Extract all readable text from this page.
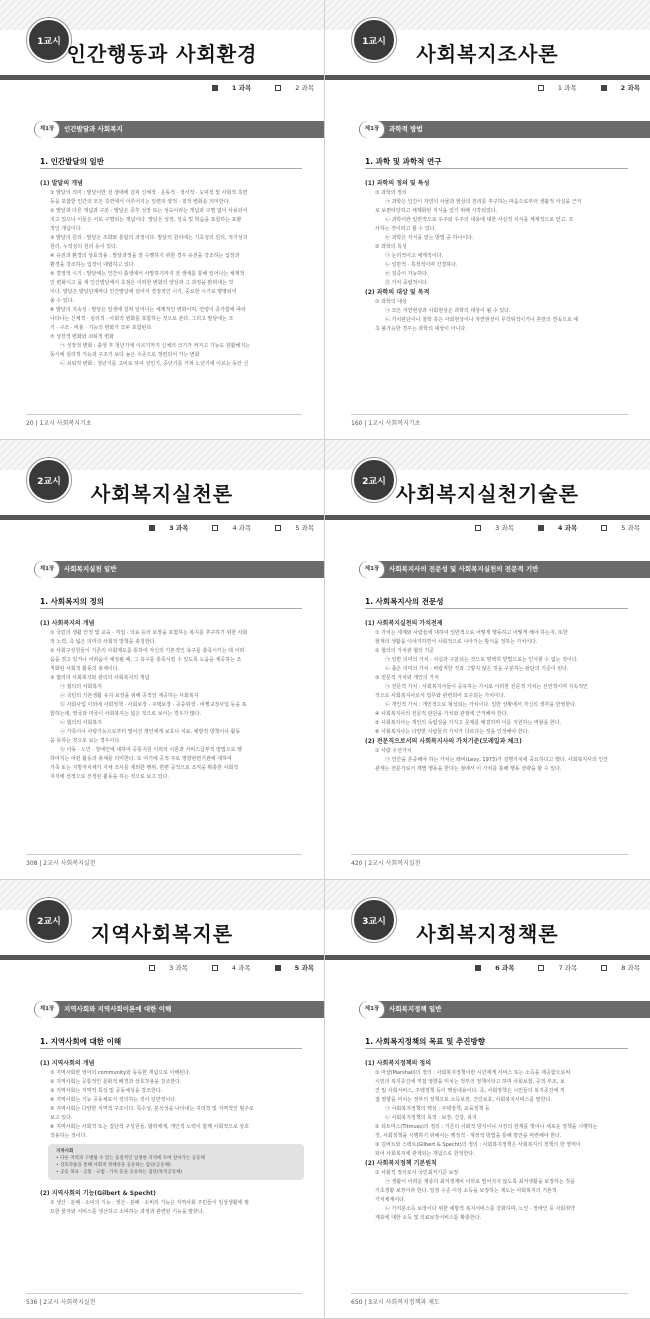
1교시 인간행동과 사회환경
1 과목	2 과목
제1장	인간발달과 사회복지
1. 인간발달의 일반
(1) 발달의 개념
① 발달의 의미 : 발달이란 전 생애에 걸쳐 신체적 · 운동적 · 정서적 · 도덕적 및 사회적 측면
등을 포함한 인간의 모든 측면에서 이루어지는 일련의 양적 · 질적 변화를 의미한다.
② 발달과 다른 개념과 구분 : 발달은 증후 성장 또는 성숙이라는 개념과 구별 없이 사용되어
지고 있으나 이들은 서로 구별되는 개념이다. 발달은 성장, 성숙 및 학습을 포함하는 포괄
적인 개념이다.
③ 발달의 원리 : 발달은 조화와 통합의 과정이다. 발달의 원리에는 기초성의 원리, 적기성의
원리, 누적성의 원리 등이 있다.
④ 유전과 환경의 상호작용 : 발달과정을 잘 수행하기 위한 경우 유전을 강조하는 입장과
환경을 강조하는 입장이 대립하고 있다.
⑤ 결정적 시기 : 발달에는 인간이 출생에서 사망하기까지 전 생애를 통해 일어나는 체계적
인 변화이고 몸 세 인간발달에서 초점은 이러한 변화의 양상과 그 과정을 밝혀내는 것
이다. 발달은 발달단계마다 인간발달에 있어서 결정적인 시기, 중요한 시기로 명명되어
올 수 있다.
⑥ 발달의 지속성 : 발달은 일생에 걸쳐 일어나는 체계적인 변화이며, 연령이 증가함에 따라
나타나는 신체적 · 심리적 · 사회적 변화를 포함하는 것으로 본다. 그리고 발달에는 크
기 · 구조 · 비율 · 기능의 변화가 모두 포함된다.
⑦ 성장적 변화와 쇠퇴적 변화
㉠ 성장적 변화 : 출생 후 청년기에 이르기까지 신체의 크기가 커지고 기능도 원활해지는
동시에 심리적 기능과 구조가 보다 높은 수준으로 정련되어 가는 변화
㉡ 쇠퇴적 변화 : 청년기를 고비로 하여 성인기, 중년기를 거쳐 노년기에 이르는 동안 신
20 | 1교시 사회복지기초
1교시	사회복지조사론
1 과목	2 과목
제1장	과학적 방법
1. 과학 및 과학적 연구
(1) 과학의 정의 및 특성
① 과학의 정의
㉠ 과학은 인간이 자연의 사물과 현상의 원리를 추구하는 마음으로부터 생활적 사실을 근거
로 보편타당하고 체계화된 지식을 얻기 위해 시작되었다.
㉡ 과학이란 일반적으로 우주와 우주의 내용에 대한 사실적 지식을 체계적으로 얻고, 조
사하는 것이라고 할 수 있다.
㉢ 과학은 지식을 얻는 방법 중 하나이다.
② 과학의 특성
㉠ 논리적이고 체계적이다.
㉡ 일반적 · 특정적이며 간결하다.
㉢ 검증이 가능하다.
㉣ 가치 중립적이다.
(2) 과학의 대상 및 목적
① 과학의 대상
㉠ 모든 자연현상과 사회현상은 과학의 대상이 될 수 있다.
㉡ 가치판단이나 철학 혹은 사회현상이나 자연현상이 무작위적이거나 혼란의 연속으로 예
측 불가능한 경우는 과학의 대상이 아니다.
160 | 1교시 사회복지기초
2교시	사회복지실천론
3 과목	4 과목	5 과목
제1장	사회복지실천 일반
1. 사회복지의 정의
(1) 사회복지의 개념
① 국민의 생활 안정 및 교육 · 직업 · 의료 등의 보장을 포함하는 복지를 추구하기 위한 사회
적 노력, 즉 넓은 의미의 사회적 방책을 총칭한다.
② 사회구성원들이 기존의 사회제도를 통하여 자신의 기본적인 욕구를 충족시키는 데 어려
움을 겪고 있거나 어려움이 예상될 때, 그 욕구를 충족시킬 수 있도록 도움을 제공하는 조
직화된 사회적 활동의 총체이다.
③ 협의의 사회복지와 광의의 사회복지의 개념
㉠ 협의의 사회복지
ⓐ 국민의 기본생활 유지·보장을 위해 공적인 제공하는 사회복지
ⓑ 사회사업 이외에 사회정책 · 사회보장 · 주택보장 · 공중위생 · 비행교정사업 등을 포
함하는데, 영국과 미국이 사회복지는 넓은 것으로 보이는 경우가 많다.
㉡ 협의의 사회복지
ⓐ 가족이나 사랑가능으로부터 멀어진 개인에게 보호나 치료, 예방적 방책이나 활동
을 뜻하는 것으로 보는 경우이다.
ⓑ 아동 · 노인 · 장애인에 대하여 공통지원 이외의 이론과 서비스급부적 방법으로 행
하여지는 어떤 활동의 총체를 의미한다. 또 여기에 공적 주로 영향관련기관에 대하여
가족 또는 지방자치체가 자체 조사를 제외한 행위. 한편 공적으로 조직을 확충한 사회적
지식에 선정으로 선정된 활동을 하는 것으로 보고 있다.
308 | 2교시 사회복지실천
2교시 사회복지실천기술론
3 과목	4 과목	5 과목
제1장	사회복지사의 전문성 및 사회복지실천의 전문적 기반
1. 사회복지사의 전문성
(1) 사회복지실천의 가치전제
① 가치는 세계와 사람들에 대하여 일반적으로 어떻게 행동하고 어떻게 해야 하는지, 또한
현재의 생활을 이야기하면서 사회적으로 나아가는 방식을 정하는 가치이다.
② 협의의 가치관 협의 기준
㉠ 일반 의미의 가치 : 사실과 구분되는 것으로 명백히 방법으로는 인식할 수 없는 것이다.
㉡ 좁은 의미의 가치 : 바람직한 것과 그렇지 않은 것을 구분하는 판단의 기준이 된다.
③ 전문적 가치와 개인의 가치
㉠ 전문적 가치 : 사회복지사들이 공유하는 가치로 이러한 전문적 가치는 선언적이며 지속적인
것으로 사회복지사로서 업무와 관련되어 요구되는 가치이다.
㉡ 개인적 가치 : 개인적으로 형성되는 가치이다. 일반 상황에서 자신의 생각을 반영한다.
④ 사회복지사의 전문적 판단을 가치와 관점에 근거해야 한다.
⑤ 사회복지사는 개인의 독립성을 가지고 문제를 해결하며 이를 지원하는 역할을 한다.
⑥ 사회복지사는 다양한 사람들의 가치가 다르다는 것을 인정해야 한다.
(2) 전문직으로서의 사회복지사의 가치기준(모레일과 체크)
① 사람 우선가치
㉠ 인간을 존중해야 하는 가치는 레비(Levy, 1973)가 설명가치에 중요하다고 했다. 사회복지사의 인간
관계는 전문가로서 개별 행동을 한다는 점에서 이 가치를 통해 행동 전략을 할 수 있다.
420 | 2교시 사회복지실천
2교시	지역사회복지론
3 과목	4 과목	5 과목
제1장	지역사회와 지역사회이론에 대한 이해
1. 지역사회에 대한 이해
(1) 지역사회의 개념
① 지역사회란 영어의 community와 동등한 개념으로 이해된다.
② 지역사회는 공통적인 문화적 배경과 상호작용을 강조한다.
③ 지역사회는 지역적 특성 및 공동체성을 강조한다.
④ 지역사회는 기능 공동체로서 정의하는 것이 일반적이다.
⑤ 지역사회는 다양한 지역적 구조이다. 특수성, 분석성을 나타내는 지리적 및 지역적인 범주로
보고 있다.
⑥ 지역사회는 사회적 또는 집단적 구성원들, 협력체계, 개인적 노력이 함께 사회적으로 상호
작용하는 것이다.
지역사회
• 다른 지역과 구별될 수 있는 동질적인 일정한 지역에 모여 살아가는 공동체
• 상호작용을 통해 사회적 정체성을 공유하는 집단(공동체)
• 공동 목표 · 공통 · 규범 · 가치 등을 공유하는 집단(목적공동체)
(2) 지역사회의 기능(Gilbert & Specht)
① 생산 · 분배 · 소비의 기능 : 생산 · 분배 · 소비의 기능은 지역사회 주민들이 일상생활에 필
요한 물자와 서비스를 생산하고 소비하는 과정과 관련된 기능을 말한다.
536 | 2교시 사회복지실천
3교시	사회복지정책론
6 과목	7 과목	8 과목
제1장	사회복지정책 일반
1. 사회복지정책의 목표 및 추진방향
(1) 사회복지정책의 정의
① 마샬(Marshall)의 정의 : 사회복지정책이란 시민에게 서비스 또는 소득을 제공함으로써
시민의 복지증진에 직접 영향을 미치는 정부의 정책이라고 하며 사회보험, 공적 부조, 보
건 및 사회서비스, 주택정책 등이 핵심내용이다. 즉, 사회정책은 시민들의 복지증진에 직
접 영향을 미치는 정부의 정책으로 소득보장, 건강보호, 사회복지서비스를 말한다.
㉠ 사회복지정책의 핵심 : 주택정책, 교육정책 등
㉡ 사회복지정책의 목적 : 보장, 건강, 복지
② 티트머스(Titmuss)의 정의 : 기존의 사회적 방식이나 시장의 한계를 벗어나 새로운 정책을 시행하는
것, 사회정책을 시행하기 위해서는 행정적 · 재정적 방법을 통해 방안을 마련해야 한다.
③ 길버트와 스펙트(Gilbert & Specht)의 정의 : 사회복지정책은 사회복지의 정책의 한 영역이
되어 사회복지에 관계되는 개념으로 한정한다.
(2) 사회복지정책 기본원칙
① 사회적 정의로서 국민최저기준 보장
㉠ 생활이 어려운 계층의 최저생계비 이하로 떨어지지 않도록 최저생활을 보장하는 것을
기초생활 보장이라 한다. 일정 수준 이상 소득을 보장하는 제도는 사회복지의 기본적
가치체계이다.
㉡ 가처분소득 보장이다 위한 예방적 복지서비스를 강화하며, 노인 · 장애인 등 사회취약
계층에 대한 소득 및 의료보장서비스를 확충한다.
650 | 3교시 사회복지정책과 제도
